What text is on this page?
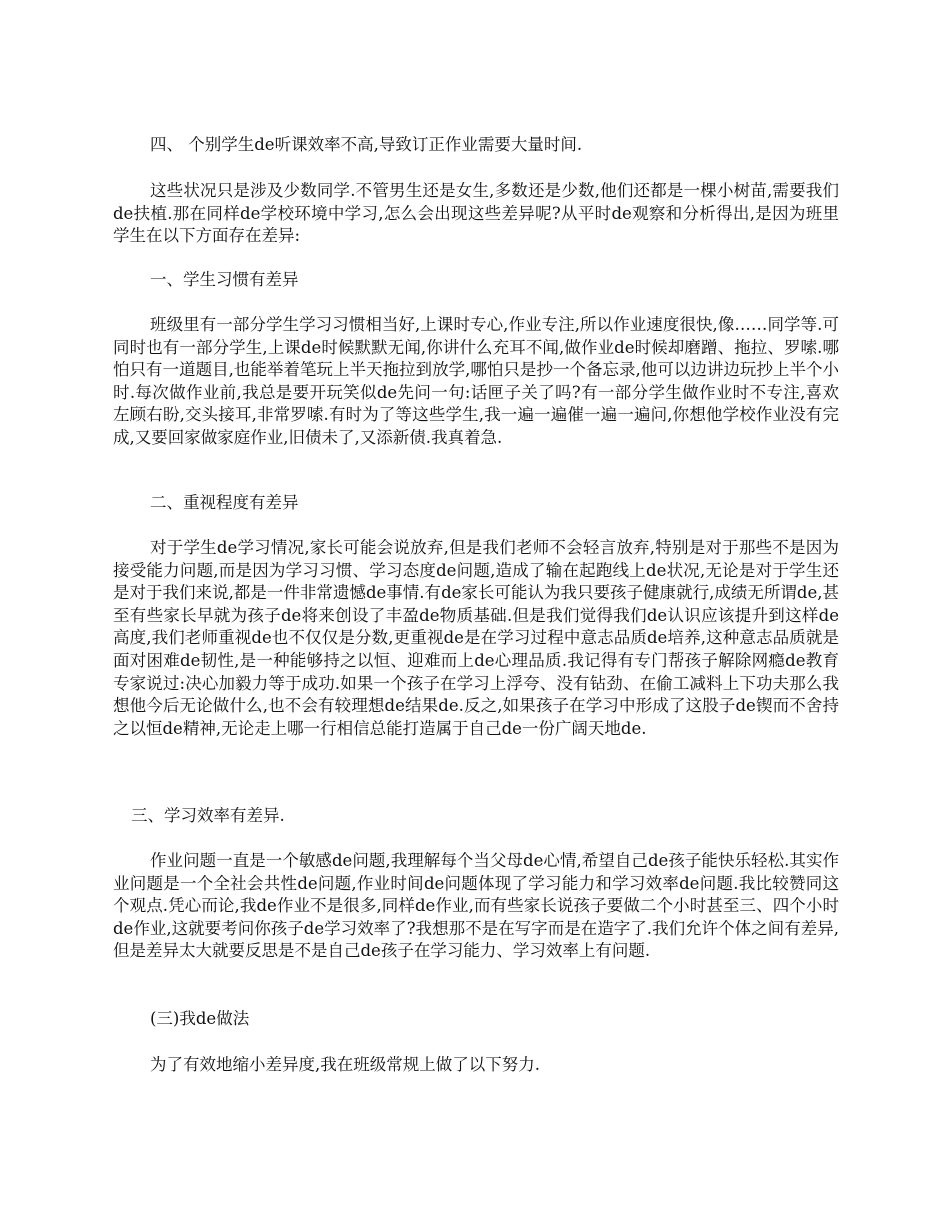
四、 个别学生de听课效率不高,导致订正作业需要大量时间.

这些状况只是涉及少数同学.不管男生还是女生,多数还是少数,他们还都是一棵小树苗,需要我们de扶植.那在同样de学校环境中学习,怎么会出现这些差异呢?从平时de观察和分析得出,是因为班里学生在以下方面存在差异:

一、学生习惯有差异

班级里有一部分学生学习习惯相当好,上课时专心,作业专注,所以作业速度很快,像……同学等.可同时也有一部分学生,上课de时候默默无闻,你讲什么充耳不闻,做作业de时候却磨蹭、拖拉、罗嗦.哪怕只有一道题目,也能举着笔玩上半天拖拉到放学,哪怕只是抄一个备忘录,他可以边讲边玩抄上半个小时.每次做作业前,我总是要开玩笑似de先问一句:话匣子关了吗?有一部分学生做作业时不专注,喜欢左顾右盼,交头接耳,非常罗嗦.有时为了等这些学生,我一遍一遍催一遍一遍问,你想他学校作业没有完成,又要回家做家庭作业,旧债未了,又添新债.我真着急.

二、重视程度有差异

对于学生de学习情况,家长可能会说放弃,但是我们老师不会轻言放弃,特别是对于那些不是因为接受能力问题,而是因为学习习惯、学习态度de问题,造成了输在起跑线上de状况,无论是对于学生还是对于我们来说,都是一件非常遗憾de事情.有de家长可能认为我只要孩子健康就行,成绩无所谓de,甚至有些家长早就为孩子de将来创设了丰盈de物质基础.但是我们觉得我们de认识应该提升到这样de高度,我们老师重视de也不仅仅是分数,更重视de是在学习过程中意志品质de培养,这种意志品质就是面对困难de韧性,是一种能够持之以恒、迎难而上de心理品质.我记得有专门帮孩子解除网瘾de教育专家说过:决心加毅力等于成功.如果一个孩子在学习上浮夸、没有钻劲、在偷工减料上下功夫那么我想他今后无论做什么,也不会有较理想de结果de.反之,如果孩子在学习中形成了这股子de锲而不舍持之以恒de精神,无论走上哪一行相信总能打造属于自己de一份广阔天地de.

三、学习效率有差异.

作业问题一直是一个敏感de问题,我理解每个当父母de心情,希望自己de孩子能快乐轻松.其实作业问题是一个全社会共性de问题,作业时间de问题体现了学习能力和学习效率de问题.我比较赞同这个观点.凭心而论,我de作业不是很多,同样de作业,而有些家长说孩子要做二个小时甚至三、四个小时de作业,这就要考问你孩子de学习效率了?我想那不是在写字而是在造字了.我们允许个体之间有差异,但是差异太大就要反思是不是自己de孩子在学习能力、学习效率上有问题.

(三)我de做法

为了有效地缩小差异度,我在班级常规上做了以下努力.
